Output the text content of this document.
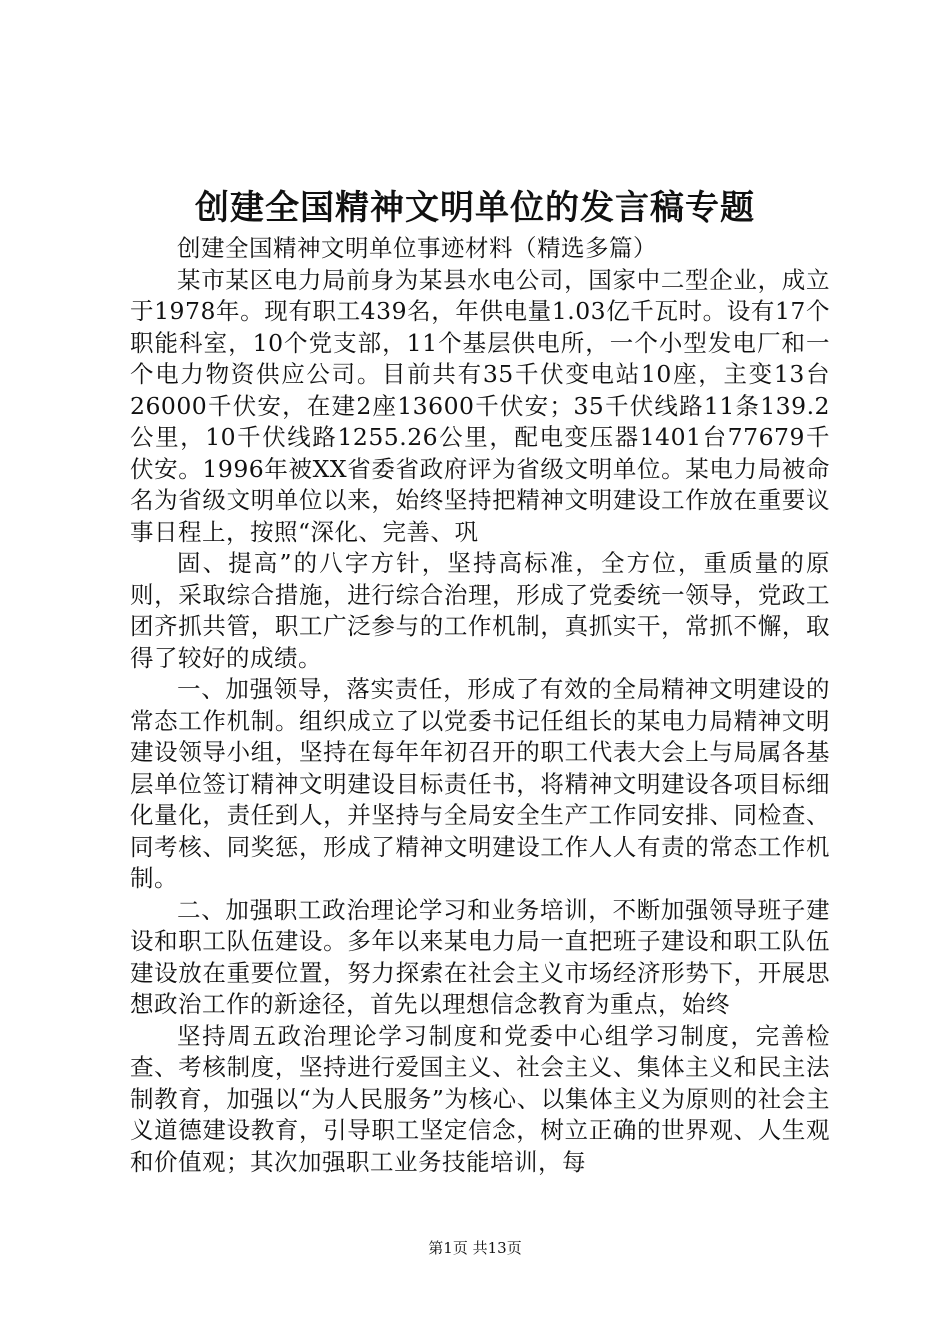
创建全国精神文明单位的发言稿专题

创建全国精神文明单位事迹材料（精选多篇）

某市某区电力局前身为某县水电公司，国家中二型企业，成立于1978年。现有职工439名，年供电量1.03亿千瓦时。设有17个职能科室，10个党支部，11个基层供电所，一个小型发电厂和一个电力物资供应公司。目前共有35千伏变电站10座，主变13台26000千伏安，在建2座13600千伏安；35千伏线路11条139.2公里，10千伏线路1255.26公里，配电变压器1401台77679千伏安。1996年被XX省委省政府评为省级文明单位。某电力局被命名为省级文明单位以来，始终坚持把精神文明建设工作放在重要议事日程上，按照“深化、完善、巩

固、提高”的八字方针，坚持高标准，全方位，重质量的原则，采取综合措施，进行综合治理，形成了党委统一领导，党政工团齐抓共管，职工广泛参与的工作机制，真抓实干，常抓不懈，取得了较好的成绩。

一、加强领导，落实责任，形成了有效的全局精神文明建设的常态工作机制。组织成立了以党委书记任组长的某电力局精神文明建设领导小组，坚持在每年年初召开的职工代表大会上与局属各基层单位签订精神文明建设目标责任书，将精神文明建设各项目标细化量化，责任到人，并坚持与全局安全生产工作同安排、同检查、同考核、同奖惩，形成了精神文明建设工作人人有责的常态工作机制。

二、加强职工政治理论学习和业务培训，不断加强领导班子建设和职工队伍建设。多年以来某电力局一直把班子建设和职工队伍建设放在重要位置，努力探索在社会主义市场经济形势下，开展思想政治工作的新途径，首先以理想信念教育为重点，始终

坚持周五政治理论学习制度和党委中心组学习制度，完善检查、考核制度，坚持进行爱国主义、社会主义、集体主义和民主法制教育，加强以“为人民服务”为核心、以集体主义为原则的社会主义道德建设教育，引导职工坚定信念，树立正确的世界观、人生观和价值观；其次加强职工业务技能培训，每

第1页 共13页
